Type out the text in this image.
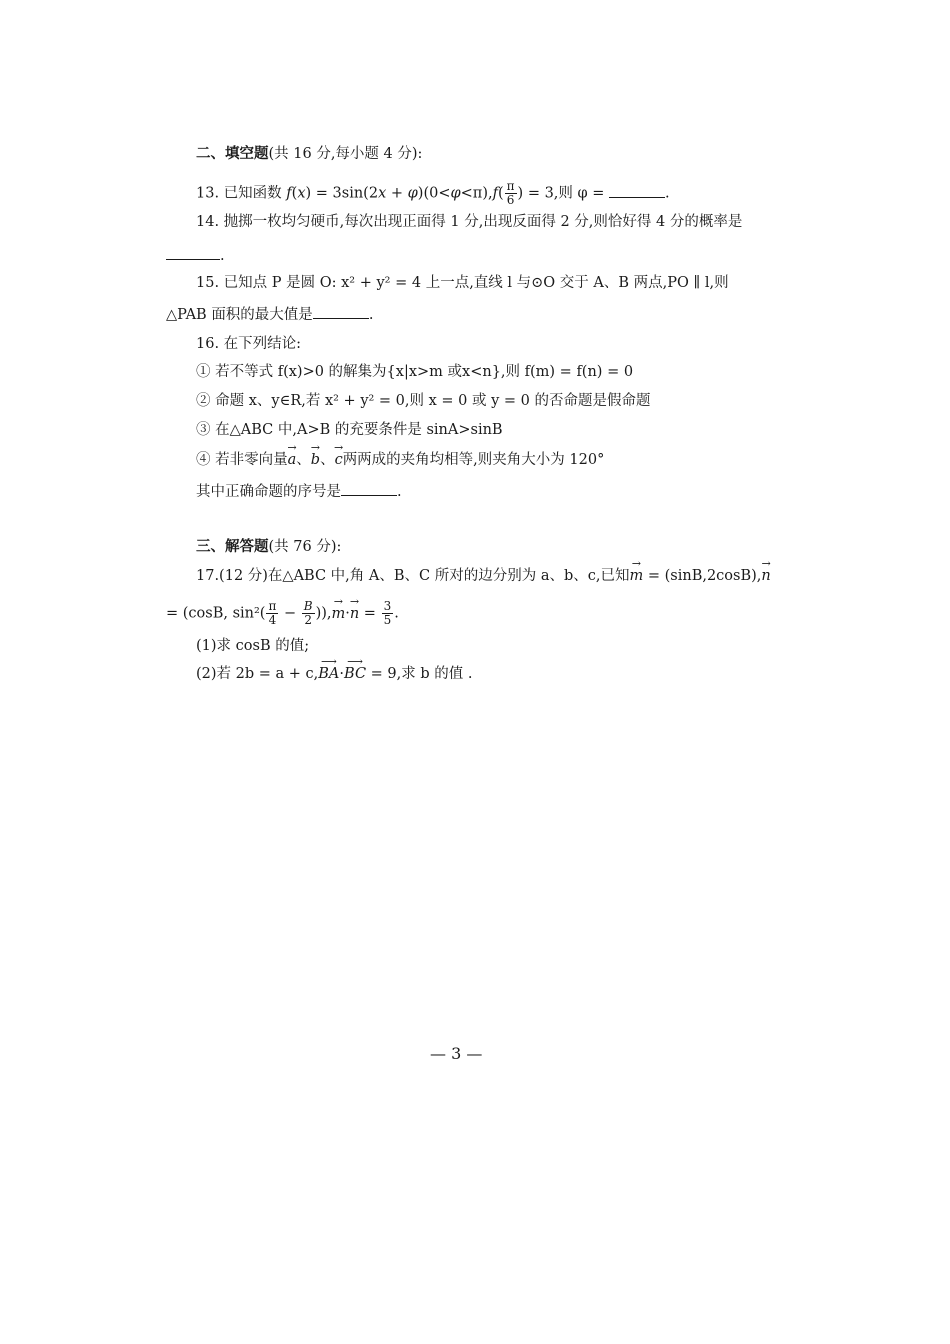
二、填空题(共 16 分,每小题 4 分):
13. 已知函数 $f(x) = 3\sin(2x + \varphi)(0<\varphi<\pi),f( \frac{\pi}{6}$ ) = 3,则 φ =	.
14. 抛掷一枚均匀硬币,每次出现正面得 1 分,出现反面得 2 分,则恰好得 4 分的概率是
.
15. 已知点 P 是圆 O: x² + y² = 4 上一点,直线 l 与⊙O 交于 A、B 两点,PO ∥ l,则
△PAB 面积的最大值是	.
16. 在下列结论:
① 若不等式 f(x)>0 的解集为{x|x>m 或x<n},则 f(m) = f(n) = 0
② 命题 x、y∈R,若 x² + y² = 0,则 x = 0 或 y = 0 的否命题是假命题
③ 在△ABC 中,A>B 的充要条件是 sinA>sinB
④ 若非零向量→ a、→ b、→ c两两成的夹角均相等,则夹角大小为 120°
其中正确命题的序号是	.
三、解答题(共 76 分):
17.(12 分)在△ABC 中,角 A、B、C 所对的边分别为 a、b、c,已知→ m = (sinB,2cosB),→ n
= (cosB, $\sin^2( \frac{\pi}{4} - \frac{B}{2}$ )),→ $m\cdot\to n = \frac{3}{5}$ .
(1)求 cosB 的值;
(2)若 2b = a + c,⟶ BA·⟶ BC = 9,求 b 的值 .
— 3 —
